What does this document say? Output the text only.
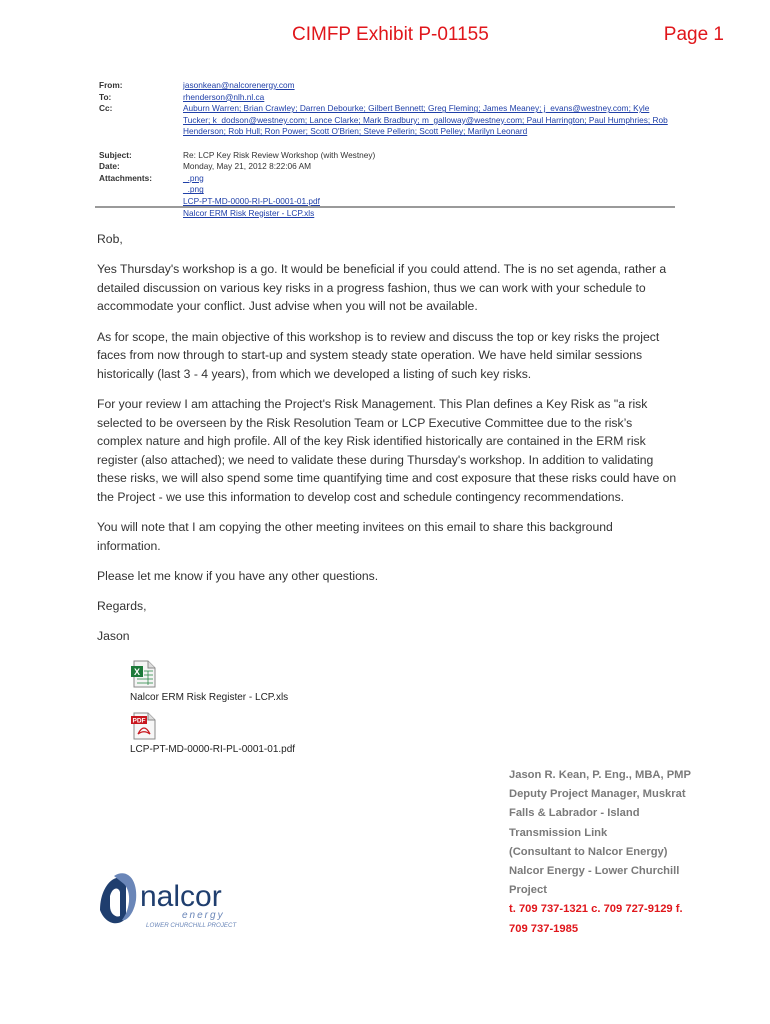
CIMFP Exhibit P-01155	Page 1
From:	jasonkean@nalcorenergy.com
To:	rhenderson@nlh.nl.ca
Cc:	Auburn Warren; Brian Crawley; Darren Debourke; Gilbert Bennett; Greg Fleming; James Meaney; j_evans@westney.com; Kyle Tucker; k_dodson@westney.com; Lance Clarke; Mark Bradbury; m_galloway@westney.com; Paul Harrington; Paul Humphries; Rob Henderson; Rob Hull; Ron Power; Scott O'Brien; Steve Pellerin; Scott Pelley; Marilyn Leonard
Subject:	Re: LCP Key Risk Review Workshop (with Westney)
Date:	Monday, May 21, 2012 8:22:06 AM
Attachments:	_.png
_.png
LCP-PT-MD-0000-RI-PL-0001-01.pdf
Nalcor ERM Risk Register - LCP.xls

Rob,

Yes Thursday's workshop is a go. It would be beneficial if you could attend. The is no set agenda, rather a detailed discussion on various key risks in a progress fashion, thus we can work with your schedule to accommodate your conflict. Just advise when you will not be available.

As for scope, the main objective of this workshop is to review and discuss the top or key risks the project faces from now through to start-up and system steady state operation. We have held similar sessions historically (last 3 - 4 years), from which we developed a listing of such key risks.

For your review I am attaching the Project's Risk Management. This Plan defines a Key Risk as "a risk selected to be overseen by the Risk Resolution Team or LCP Executive Committee due to the risk’s complex nature and high profile. All of the key Risk identified historically are contained in the ERM risk register (also attached); we need to validate these during Thursday's workshop. In addition to validating these risks, we will also spend some time quantifying time and cost exposure that these risks could have on the Project - we use this information to develop cost and schedule contingency recommendations.

You will note that I am copying the other meeting invitees on this email to share this background information.

Please let me know if you have any other questions.

Regards,

Jason

X
Nalcor ERM Risk Register - LCP.xls
PDF
LCP-PT-MD-0000-RI-PL-0001-01.pdf
Jason R. Kean, P. Eng., MBA, PMP
Deputy Project Manager, Muskrat Falls & Labrador - Island Transmission Link
(Consultant to Nalcor Energy)
Nalcor Energy - Lower Churchill Project
t. 709 737-1321 c. 709 727-9129 f. 709 737-1985
nalcor
energy
LOWER CHURCHILL PROJECT
